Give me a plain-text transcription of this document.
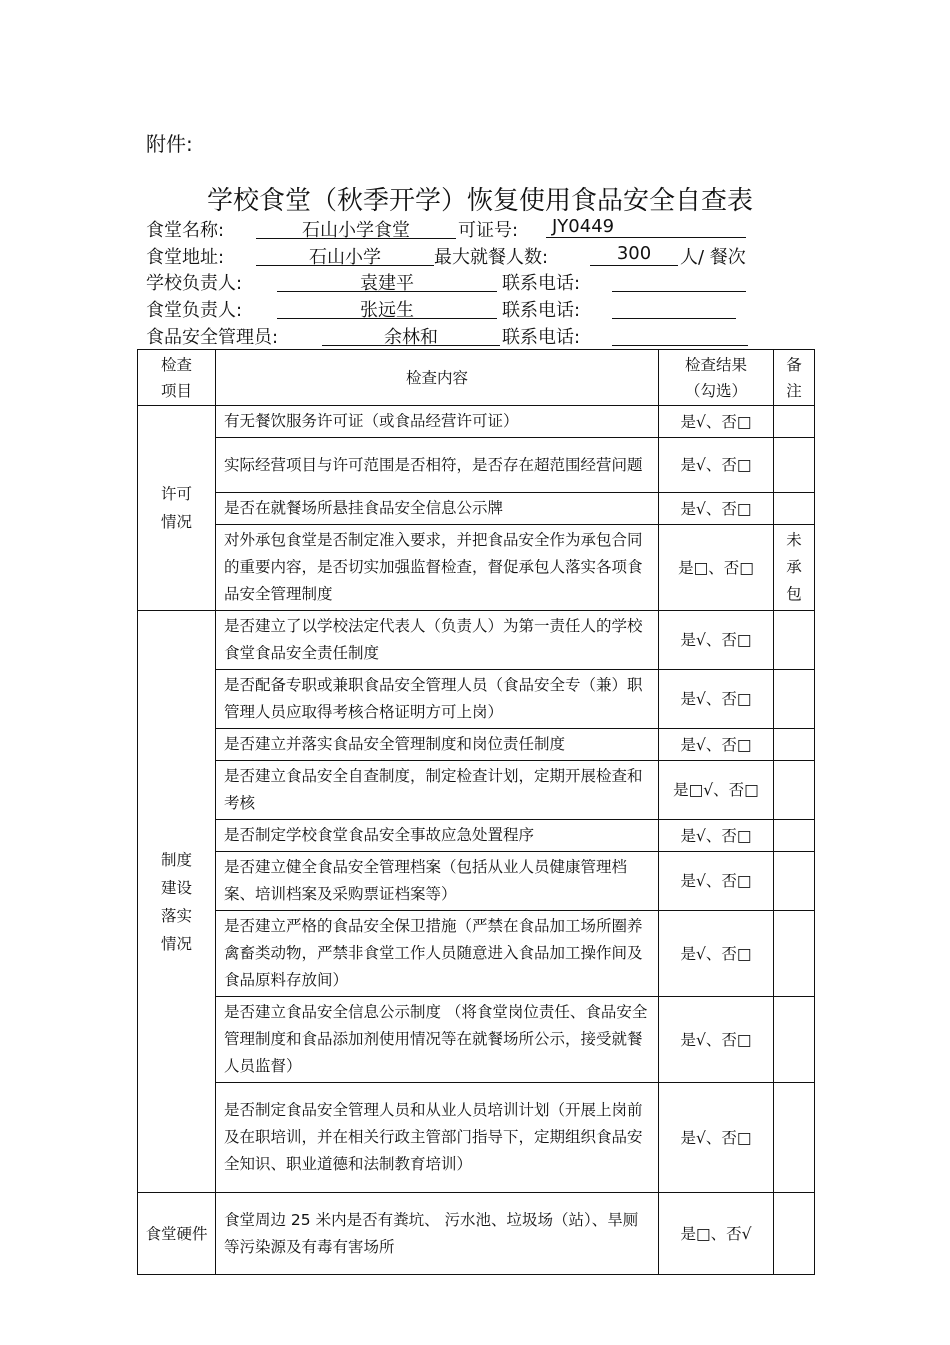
附件:
学校食堂（秋季开学）恢复使用食品安全自查表
食堂名称:	石山小学食堂	可证号:	JY0449
食堂地址:	石山小学	最大就餐人数:	300	人/ 餐次
学校负责人:	袁建平	联系电话:
食堂负责人:	张远生	联系电话:
食品安全管理员:	余林和	联系电话:
检查项目	检查内容	检查结果（勾选）	备注

许可情况	有无餐饮服务许可证（或食品经营许可证）	是√、否□	

	实际经营项目与许可范围是否相符，是否存在超范围经营问题	是√、否□	

	是否在就餐场所悬挂食品安全信息公示牌	是√、否□	

	对外承包食堂是否制定准入要求，并把食品安全作为承包合同的重要内容，是否切实加强监督检查，督促承包人落实各项食品安全管理制度	是□、否□	未承包

制度建设落实情况	是否建立了以学校法定代表人（负责人）为第一责任人的学校食堂食品安全责任制度	是√、否□	

	是否配备专职或兼职食品安全管理人员（食品安全专（兼）职管理人员应取得考核合格证明方可上岗）	是√、否□	

	是否建立并落实食品安全管理制度和岗位责任制度	是√、否□	

	是否建立食品安全自查制度，制定检查计划，定期开展检查和考核	是□√、否□	

	是否制定学校食堂食品安全事故应急处置程序	是√、否□	

	是否建立健全食品安全管理档案（包括从业人员健康管理档案、培训档案及采购票证档案等）	是√、否□	

	是否建立严格的食品安全保卫措施（严禁在食品加工场所圈养禽畜类动物，严禁非食堂工作人员随意进入食品加工操作间及食品原料存放间）	是√、否□	

	是否建立食品安全信息公示制度 （将食堂岗位责任、食品安全管理制度和食品添加剂使用情况等在就餐场所公示，接受就餐人员监督）	是√、否□	

	是否制定食品安全管理人员和从业人员培训计划（开展上岗前及在职培训，并在相关行政主管部门指导下，定期组织食品安全知识、职业道德和法制教育培训）	是√、否□	

食堂硬件	食堂周边 25 米内是否有粪坑、 污水池、垃圾场（站）、旱厕等污染源及有毒有害场所	是□、否√	
